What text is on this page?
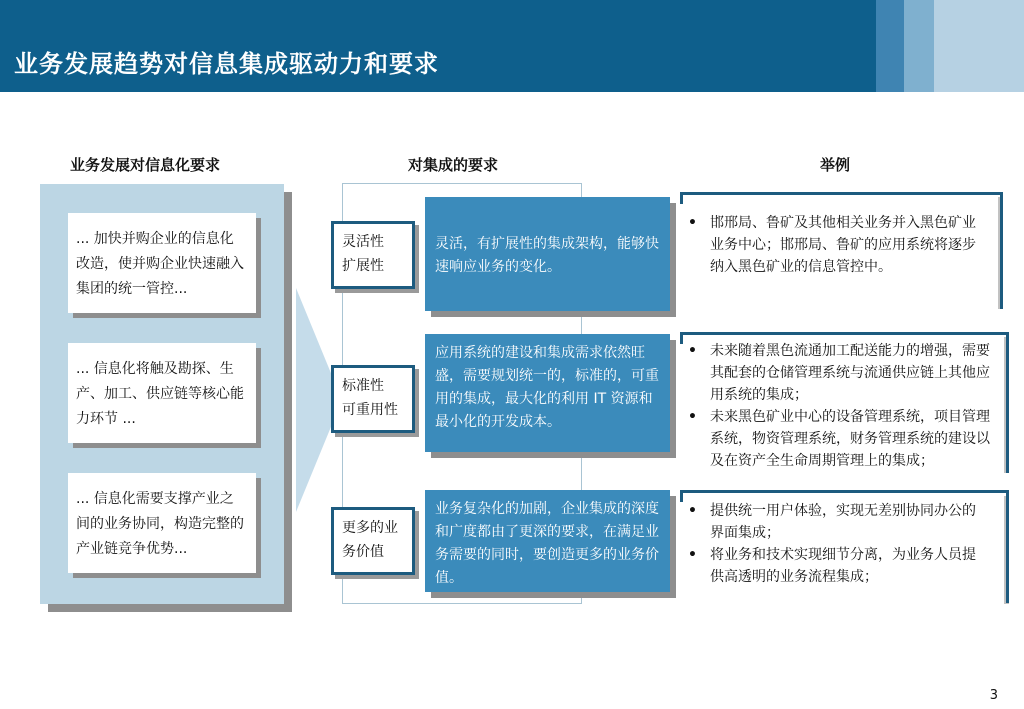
业务发展趋势对信息集成驱动力和要求
业务发展对信息化要求	对集成的要求	举例
... 加快并购企业的信息化改造，使并购企业快速融入集团的统一管控...
... 信息化将触及勘探、生产、加工、供应链等核心能力环节 ...
... 信息化需要支撑产业之间的业务协同，构造完整的产业链竞争优势...
灵活性
扩展性
标准性
可重用性
更多的业
务价值
灵活，有扩展性的集成架构，能够快速响应业务的变化。
应用系统的建设和集成需求依然旺盛，需要规划统一的，标准的，可重用的集成，最大化的利用 IT 资源和最小化的开发成本。
业务复杂化的加剧，企业集成的深度和广度都由了更深的要求，在满足业务需要的同时，要创造更多的业务价值。
• 邯邢局、鲁矿及其他相关业务并入黑色矿业业务中心；邯邢局、鲁矿的应用系统将逐步纳入黑色矿业的信息管控中。
• 未来随着黑色流通加工配送能力的增强，需要其配套的仓储管理系统与流通供应链上其他应用系统的集成；
• 未来黑色矿业中心的设备管理系统，项目管理系统，物资管理系统，财务管理系统的建设以及在资产全生命周期管理上的集成；
• 提供统一用户体验，实现无差别协同办公的界面集成；
• 将业务和技术实现细节分离，为业务人员提供高透明的业务流程集成；
3
